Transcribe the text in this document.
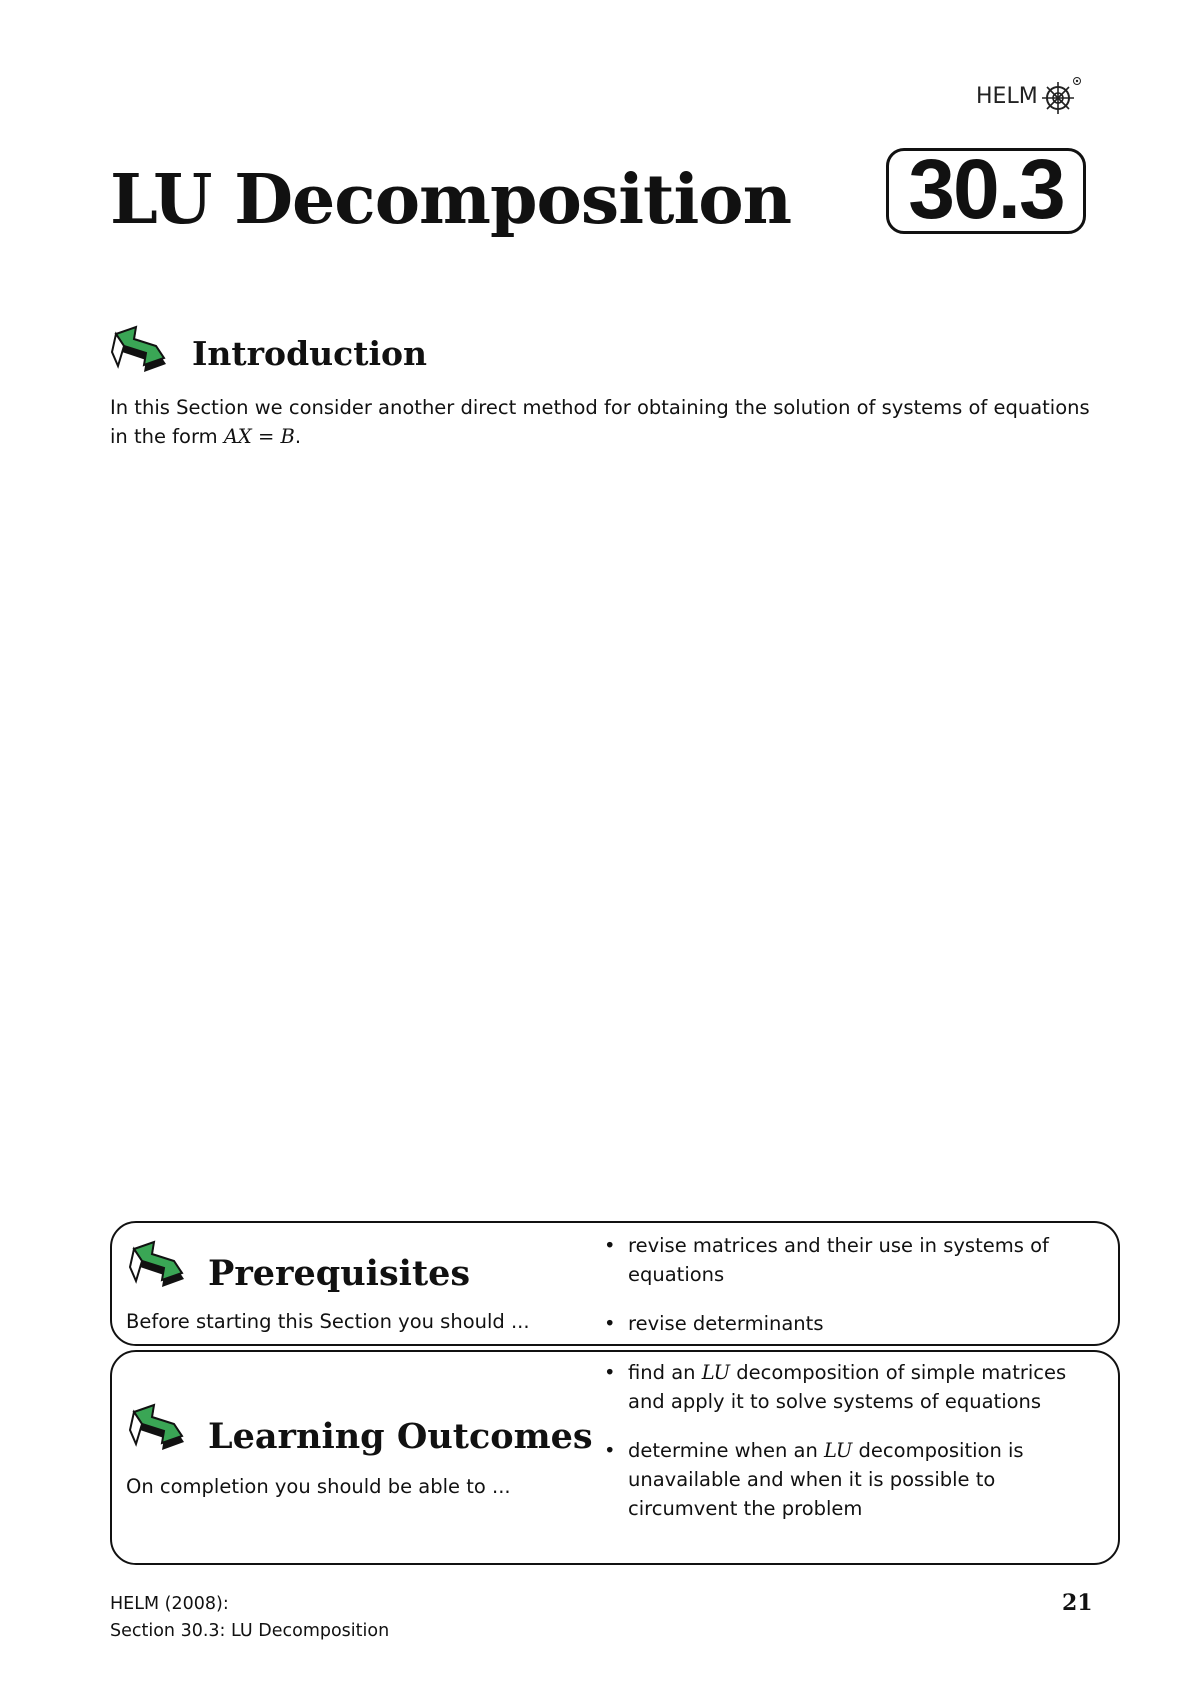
HELM
LU Decomposition 30.3
Introduction
In this Section we consider another direct method for obtaining the solution of systems of equations in the form AX = B.
Prerequisites
Before starting this Section you should ...
• revise matrices and their use in systems of equations
• revise determinants
Learning Outcomes
On completion you should be able to ...
• find an LU decomposition of simple matrices and apply it to solve systems of equations
• determine when an LU decomposition is unavailable and when it is possible to circumvent the problem
HELM (2008):
Section 30.3: LU Decomposition
21
